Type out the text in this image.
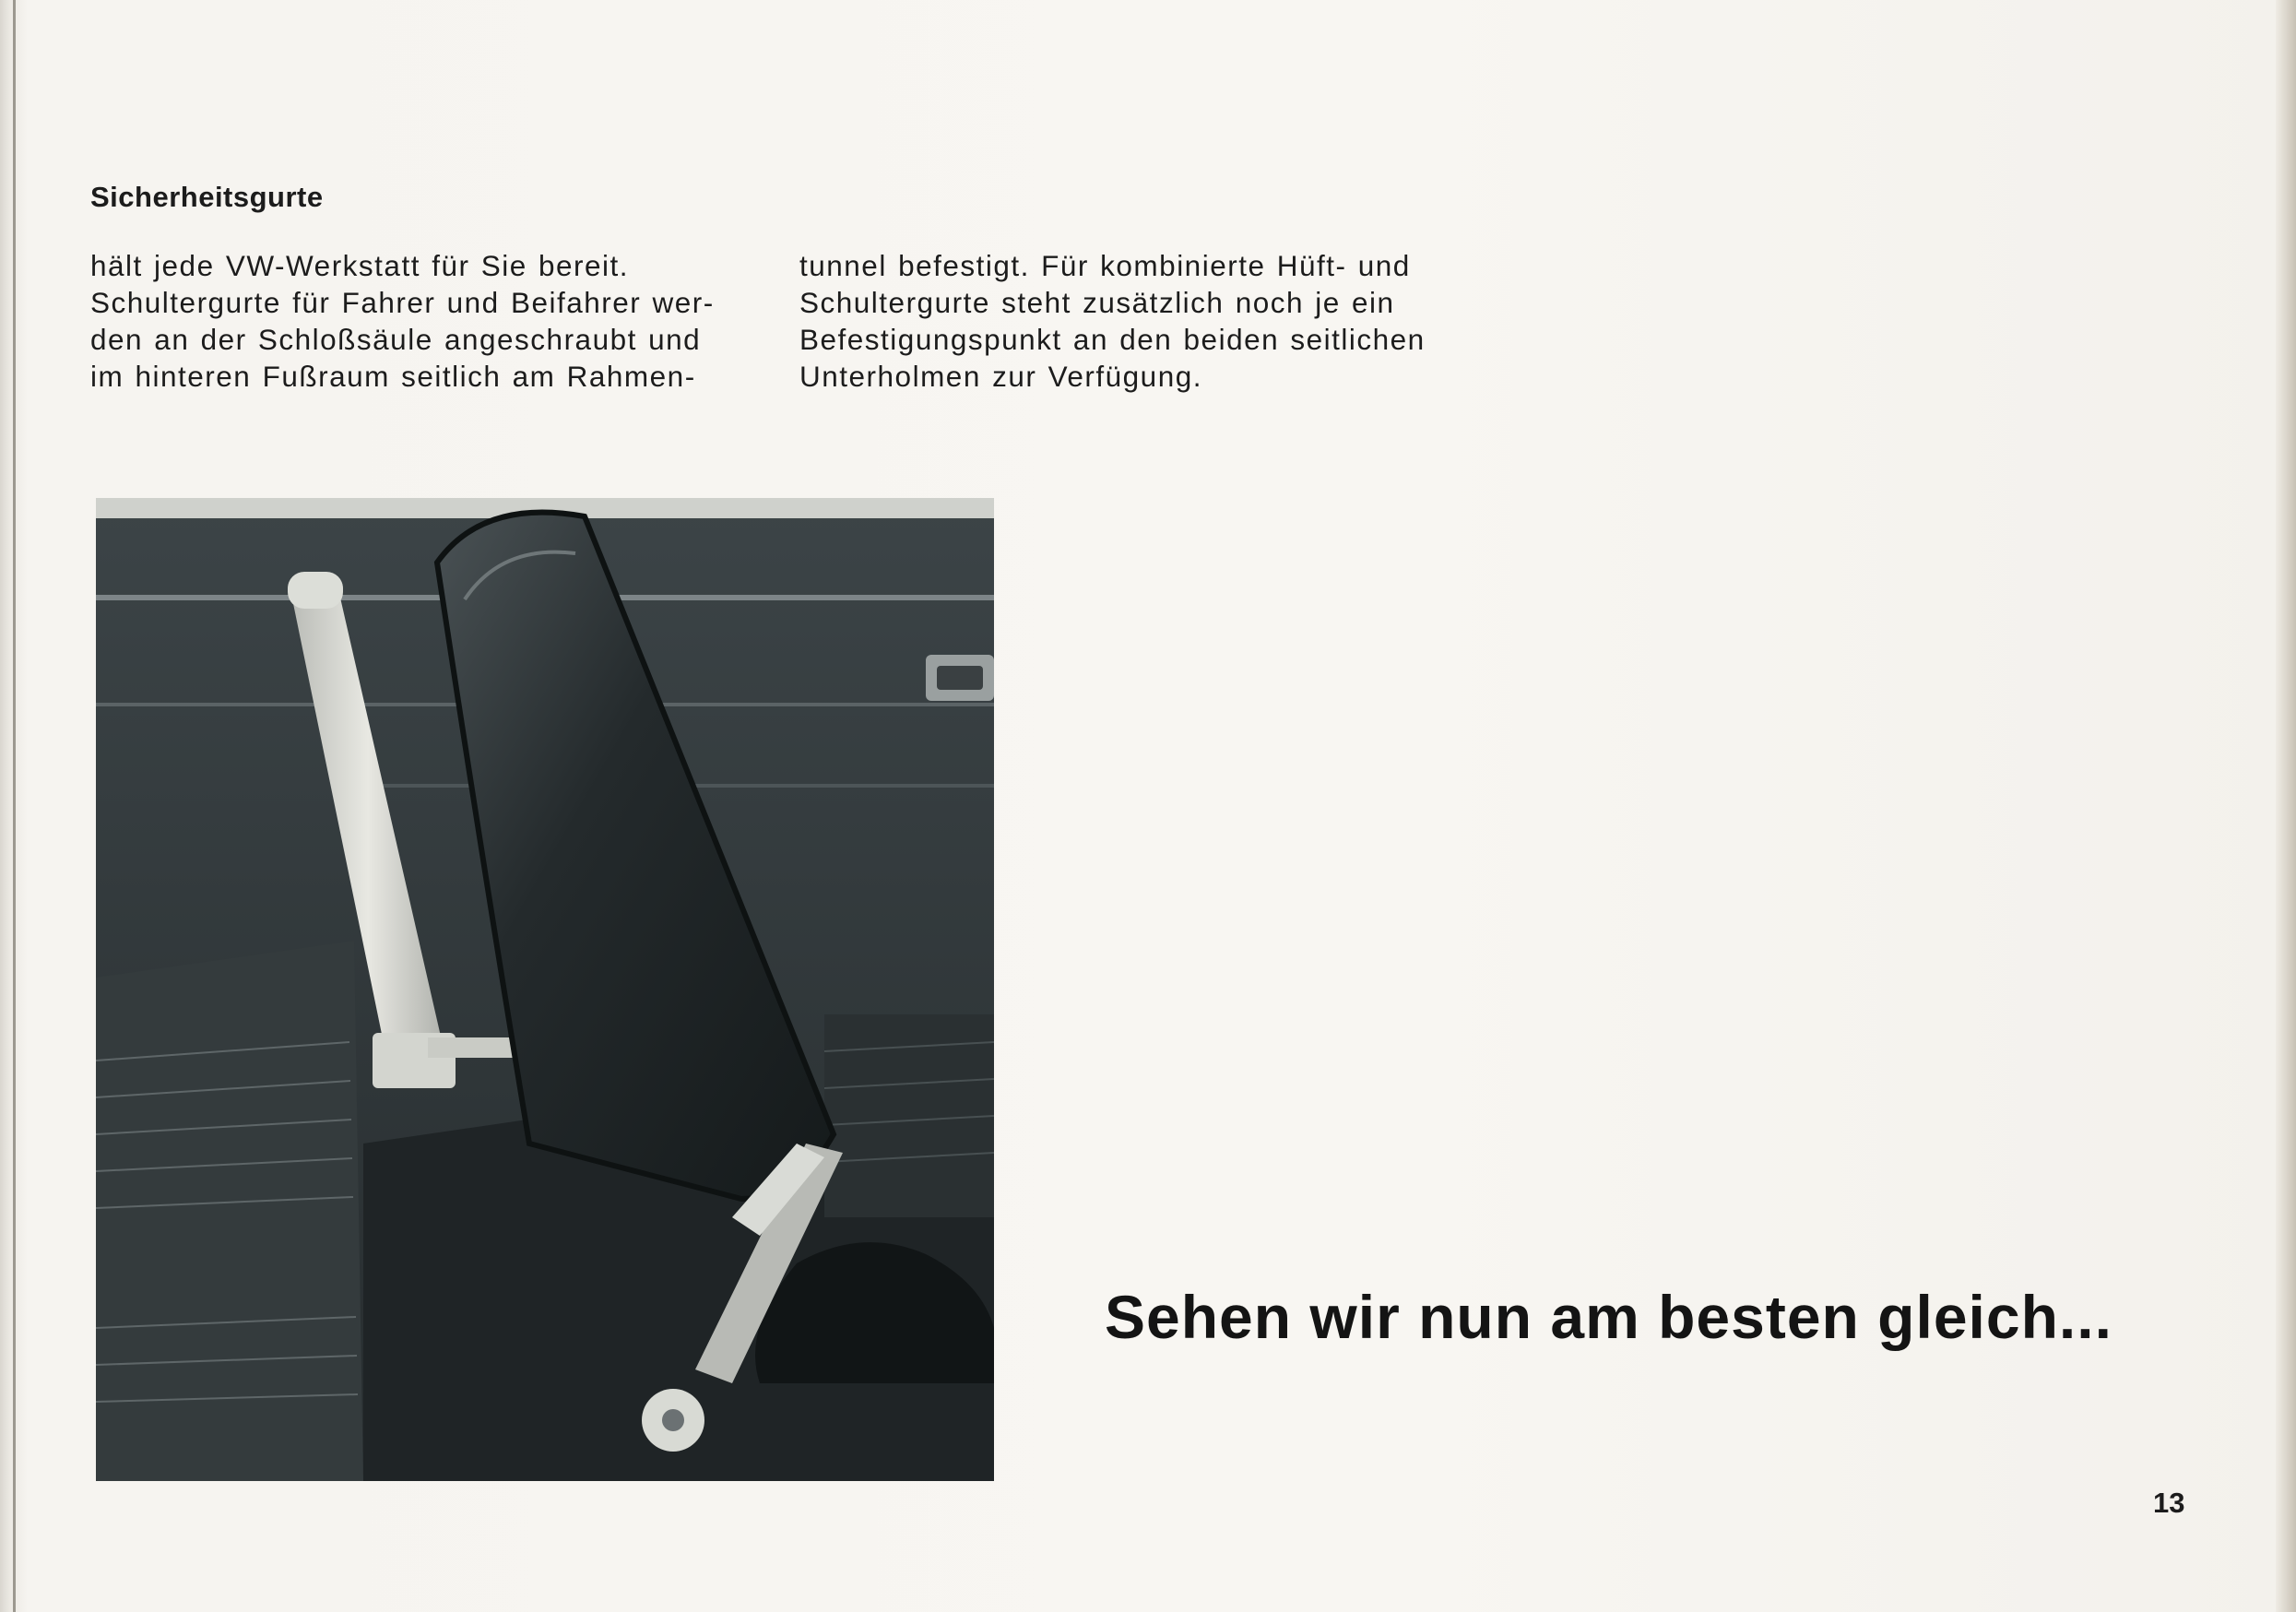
Sicherheitsgurte

hält jede VW-Werkstatt für Sie bereit.
Schultergurte für Fahrer und Beifahrer wer-
den an der Schloßsäule angeschraubt und
im hinteren Fußraum seitlich am Rahmen-

tunnel befestigt. Für kombinierte Hüft- und
Schultergurte steht zusätzlich noch je ein
Befestigungspunkt an den beiden seitlichen
Unterholmen zur Verfügung.

Sehen wir nun am besten gleich...

13
